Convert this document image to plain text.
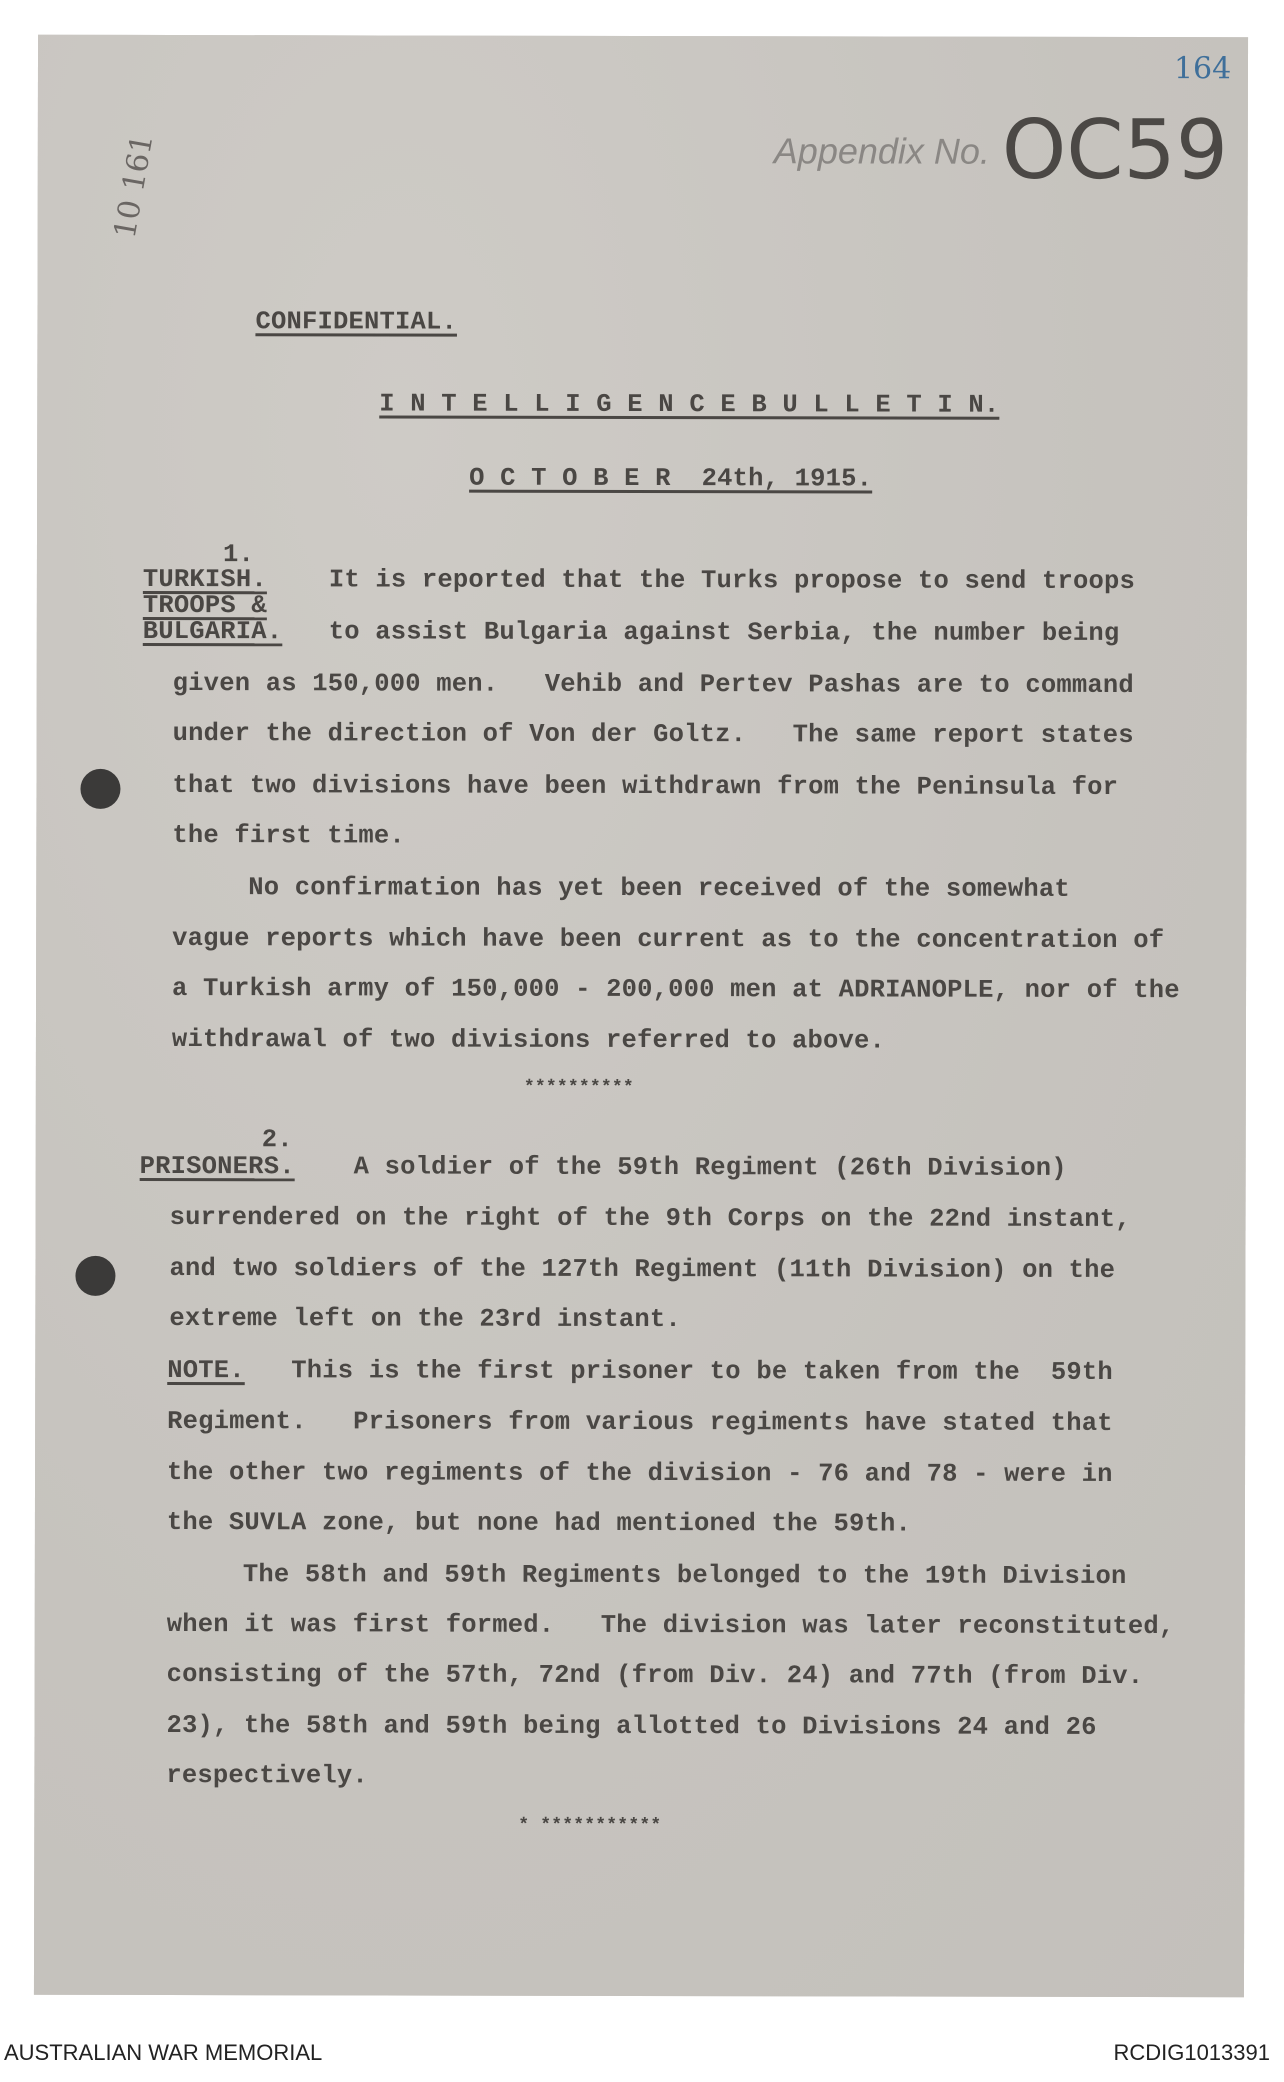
164
10 161	Appendix No. OC59
CONFIDENTIAL.
I N T E L L I G E N C E B U L L E T I N.
O C T O B E R  24th, 1915.
1.
TURKISH.
TROOPS &
BULGARIA.
It is reported that the Turks propose to send troops
to assist Bulgaria against Serbia, the number being
given as 150,000 men.   Vehib and Pertev Pashas are to command
under the direction of Von der Goltz.   The same report states
that two divisions have been withdrawn from the Peninsula for
the first time.
No confirmation has yet been received of the somewhat
vague reports which have been current as to the concentration of
a Turkish army of 150,000 - 200,000 men at ADRIANOPLE, nor of the
withdrawal of two divisions referred to above.
**********
2.
PRISONERS. A soldier of the 59th Regiment (26th Division)
surrendered on the right of the 9th Corps on the 22nd instant,
and two soldiers of the 127th Regiment (11th Division) on the
extreme left on the 23rd instant.
NOTE. This is the first prisoner to be taken from the  59th
Regiment.   Prisoners from various regiments have stated that
the other two regiments of the division - 76 and 78 - were in
the SUVLA zone, but none had mentioned the 59th.
The 58th and 59th Regiments belonged to the 19th Division
when it was first formed.   The division was later reconstituted,
consisting of the 57th, 72nd (from Div. 24) and 77th (from Div.
23), the 58th and 59th being allotted to Divisions 24 and 26
respectively.
* ***********
AUSTRALIAN WAR MEMORIAL	RCDIG1013391
